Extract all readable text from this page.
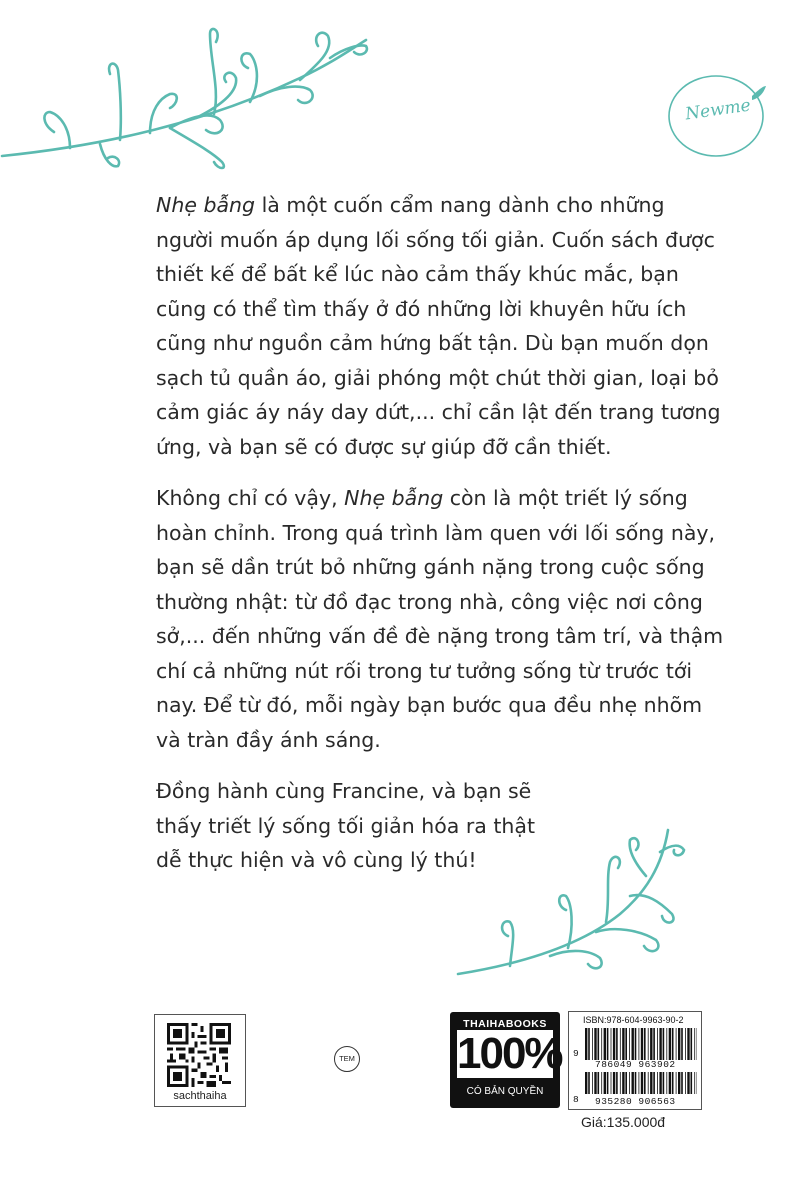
Newme

Nhẹ bẫng là một cuốn cẩm nang dành cho những người muốn áp dụng lối sống tối giản. Cuốn sách được thiết kế để bất kể lúc nào cảm thấy khúc mắc, bạn cũng có thể tìm thấy ở đó những lời khuyên hữu ích cũng như nguồn cảm hứng bất tận. Dù bạn muốn dọn sạch tủ quần áo, giải phóng một chút thời gian, loại bỏ cảm giác áy náy day dứt,... chỉ cần lật đến trang tương ứng, và bạn sẽ có được sự giúp đỡ cần thiết.

Không chỉ có vậy, Nhẹ bẫng còn là một triết lý sống hoàn chỉnh. Trong quá trình làm quen với lối sống này, bạn sẽ dần trút bỏ những gánh nặng trong cuộc sống thường nhật: từ đồ đạc trong nhà, công việc nơi công sở,... đến những vấn đề đè nặng trong tâm trí, và thậm chí cả những nút rối trong tư tưởng sống từ trước tới nay. Để từ đó, mỗi ngày bạn bước qua đều nhẹ nhõm và tràn đầy ánh sáng.

Đồng hành cùng Francine, và bạn sẽ thấy triết lý sống tối giản hóa ra thật dễ thực hiện và vô cùng lý thú!

sachthaiha
TEM
THAIHABOOKS
100%
CÓ BẢN QUYỀN
ISBN:978-604-9963-90-2
9
786049 963902
8 935280 906563
Giá:135.000đ
